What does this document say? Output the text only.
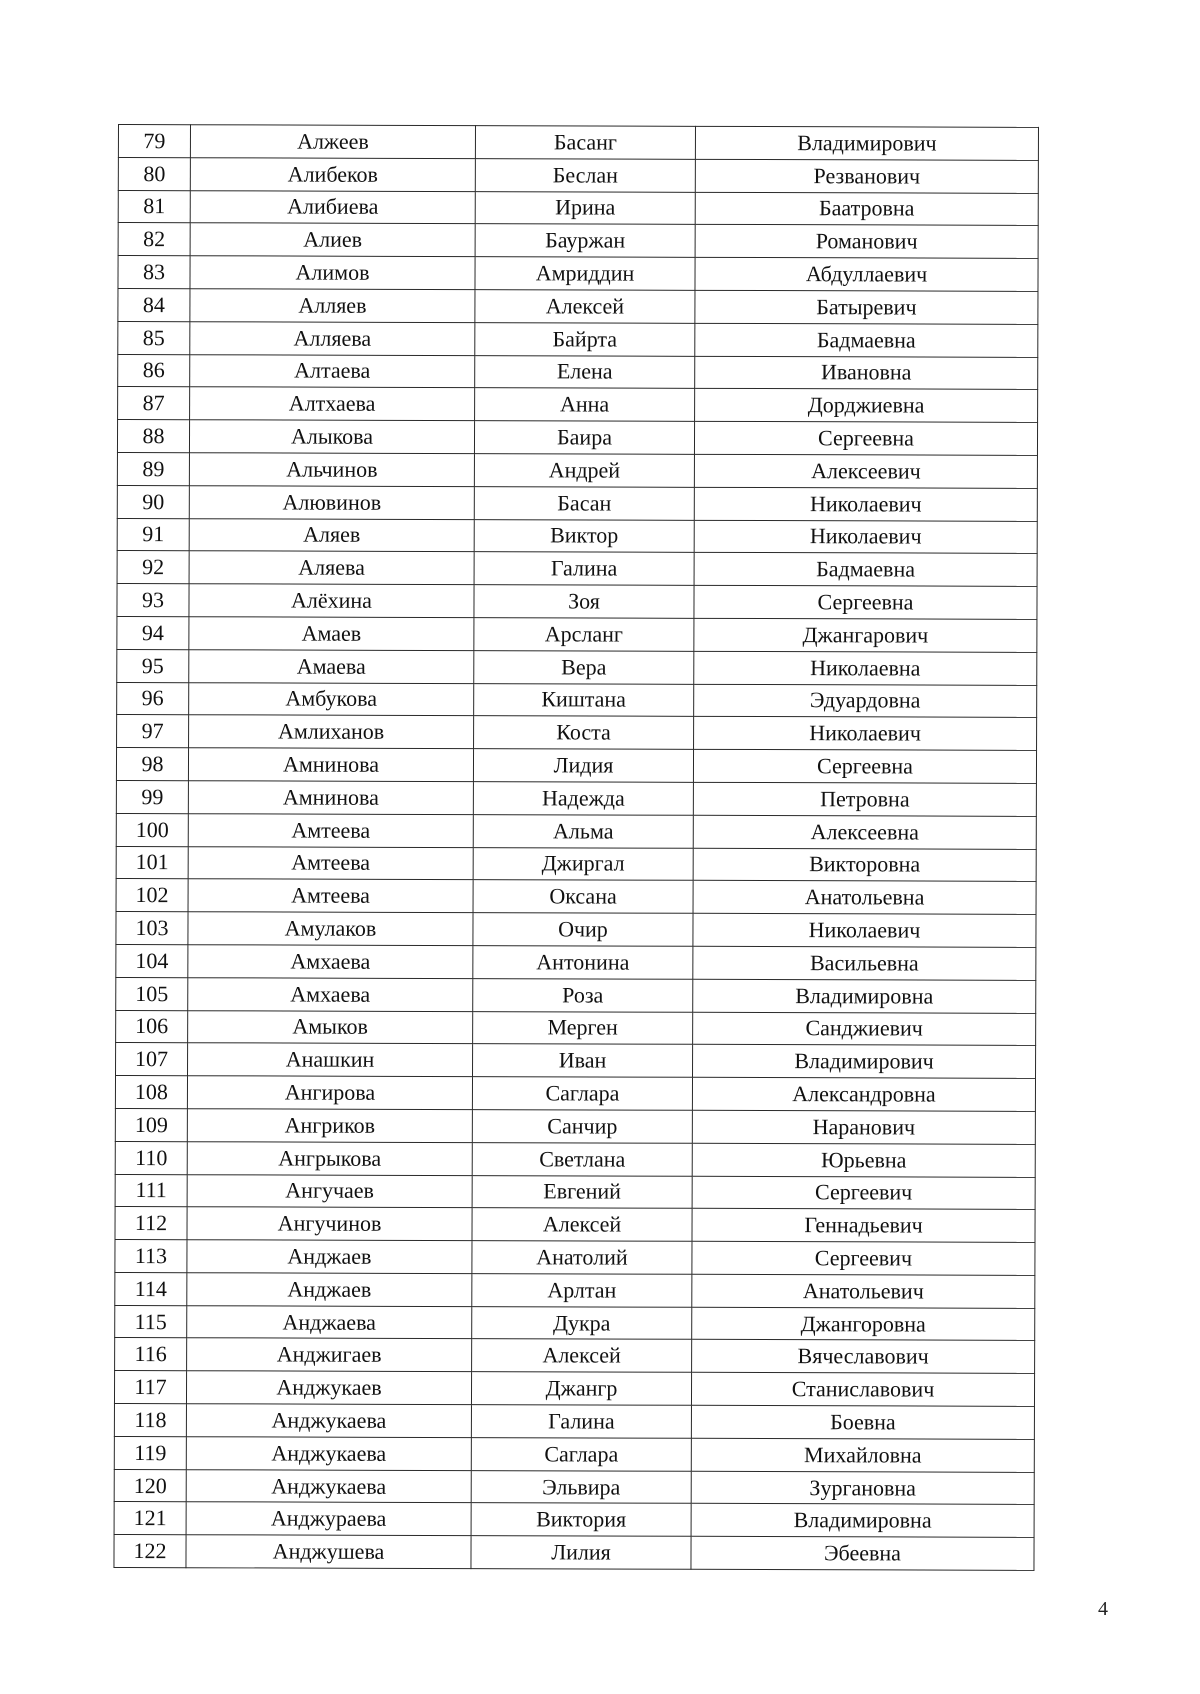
79	Алжеев	Басанг	Владимирович
80	Алибеков	Беслан	Резванович
81	Алибиева	Ирина	Баатровна
82	Алиев	Бауржан	Романович
83	Алимов	Амриддин	Абдуллаевич
84	Алляев	Алексей	Батыревич
85	Алляева	Байрта	Бадмаевна
86	Алтаева	Елена	Ивановна
87	Алтхаева	Анна	Дорджиевна
88	Алыкова	Баира	Сергеевна
89	Альчинов	Андрей	Алексеевич
90	Алювинов	Басан	Николаевич
91	Аляев	Виктор	Николаевич
92	Аляева	Галина	Бадмаевна
93	Алёхина	Зоя	Сергеевна
94	Амаев	Арсланг	Джангарович
95	Амаева	Вера	Николаевна
96	Амбукова	Киштана	Эдуардовна
97	Амлиханов	Коста	Николаевич
98	Амнинова	Лидия	Сергеевна
99	Амнинова	Надежда	Петровна
100	Амтеева	Альма	Алексеевна
101	Амтеева	Джиргал	Викторовна
102	Амтеева	Оксана	Анатольевна
103	Амулаков	Очир	Николаевич
104	Амхаева	Антонина	Васильевна
105	Амхаева	Роза	Владимировна
106	Амыков	Мерген	Санджиевич
107	Анашкин	Иван	Владимирович
108	Ангирова	Саглара	Александровна
109	Ангриков	Санчир	Наранович
110	Ангрыкова	Светлана	Юрьевна
111	Ангучаев	Евгений	Сергеевич
112	Ангучинов	Алексей	Геннадьевич
113	Анджаев	Анатолий	Сергеевич
114	Анджаев	Арлтан	Анатольевич
115	Анджаева	Дукра	Джангоровна
116	Анджигаев	Алексей	Вячеславович
117	Анджукаев	Джангр	Станиславович
118	Анджукаева	Галина	Боевна
119	Анджукаева	Саглара	Михайловна
120	Анджукаева	Эльвира	Зургановна
121	Анджураева	Виктория	Владимировна
122	Анджушева	Лилия	Эбеевна
4
